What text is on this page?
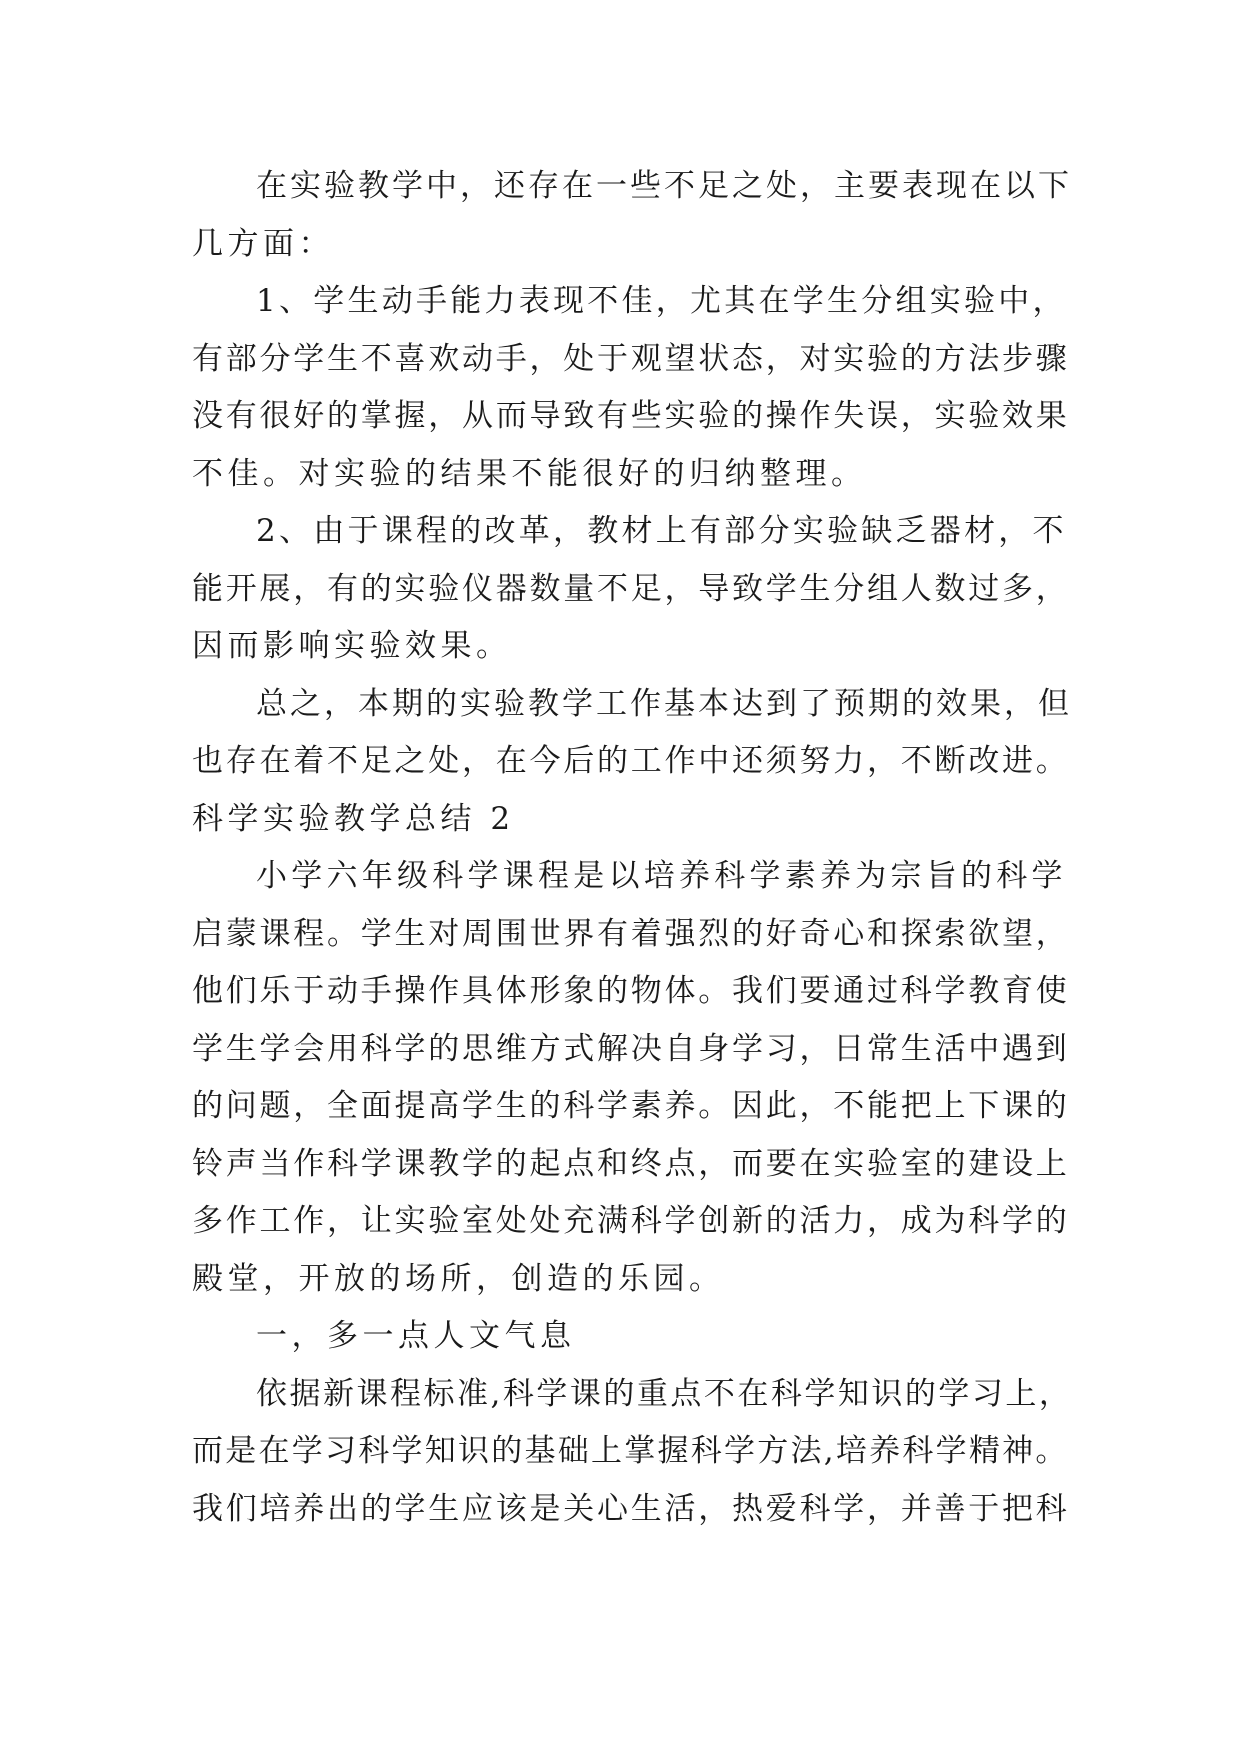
在实验教学中，还存在一些不足之处，主要表现在以下
几方面：
1、学生动手能力表现不佳，尤其在学生分组实验中，
有部分学生不喜欢动手，处于观望状态，对实验的方法步骤
没有很好的掌握，从而导致有些实验的操作失误，实验效果
不佳。对实验的结果不能很好的归纳整理。
2、由于课程的改革，教材上有部分实验缺乏器材，不
能开展，有的实验仪器数量不足，导致学生分组人数过多，
因而影响实验效果。
总之，本期的实验教学工作基本达到了预期的效果，但
也存在着不足之处，在今后的工作中还须努力，不断改进。
科学实验教学总结 2
小学六年级科学课程是以培养科学素养为宗旨的科学
启蒙课程。学生对周围世界有着强烈的好奇心和探索欲望，
他们乐于动手操作具体形象的物体。我们要通过科学教育使
学生学会用科学的思维方式解决自身学习，日常生活中遇到
的问题，全面提高学生的科学素养。因此，不能把上下课的
铃声当作科学课教学的起点和终点，而要在实验室的建设上
多作工作，让实验室处处充满科学创新的活力，成为科学的
殿堂，开放的场所，创造的乐园。
一，多一点人文气息
依据新课程标准,科学课的重点不在科学知识的学习上，
而是在学习科学知识的基础上掌握科学方法,培养科学精神。
我们培养出的学生应该是关心生活，热爱科学，并善于把科
